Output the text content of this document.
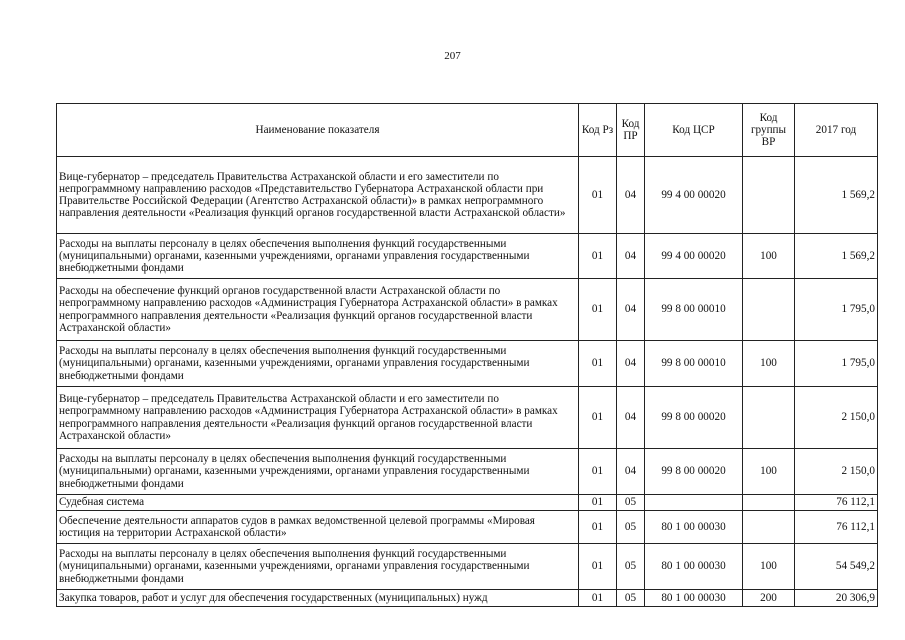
207
Наименование показателя	Код Рз	Код ПР	Код ЦСР	Код группы ВР	2017 год
Вице-губернатор – председатель Правительства Астраханской области и его заместители по непрограммному направлению расходов «Представительство Губернатора Астраханской области при Правительстве Российской Федерации (Агентство Астраханской области)» в рамках непрограммного направления деятельности «Реализация функций органов государственной власти Астраханской области»	01	04	99 4 00 00020		1 569,2
Расходы на выплаты персоналу в целях обеспечения выполнения функций государственными (муниципальными) органами, казенными учреждениями, органами управления государственными внебюджетными фондами	01	04	99 4 00 00020	100	1 569,2
Расходы на обеспечение функций органов государственной власти Астраханской области по непрограммному направлению расходов «Администрация Губернатора Астраханской области» в рамках непрограммного направления деятельности «Реализация функций органов государственной власти Астраханской области»	01	04	99 8 00 00010		1 795,0
Расходы на выплаты персоналу в целях обеспечения выполнения функций государственными (муниципальными) органами, казенными учреждениями, органами управления государственными внебюджетными фондами	01	04	99 8 00 00010	100	1 795,0
Вице-губернатор – председатель Правительства Астраханской области и его заместители по непрограммному направлению расходов «Администрация Губернатора Астраханской области» в рамках непрограммного направления деятельности «Реализация функций органов государственной власти Астраханской области»	01	04	99 8 00 00020		2 150,0
Расходы на выплаты персоналу в целях обеспечения выполнения функций государственными (муниципальными) органами, казенными учреждениями, органами управления государственными внебюджетными фондами	01	04	99 8 00 00020	100	2 150,0
Судебная система	01	05			76 112,1
Обеспечение деятельности аппаратов судов в рамках ведомственной целевой программы «Мировая юстиция на территории Астраханской области»	01	05	80 1 00 00030		76 112,1
Расходы на выплаты персоналу в целях обеспечения выполнения функций государственными (муниципальными) органами, казенными учреждениями, органами управления государственными внебюджетными фондами	01	05	80 1 00 00030	100	54 549,2
Закупка товаров, работ и услуг для обеспечения государственных (муниципальных) нужд	01	05	80 1 00 00030	200	20 306,9
